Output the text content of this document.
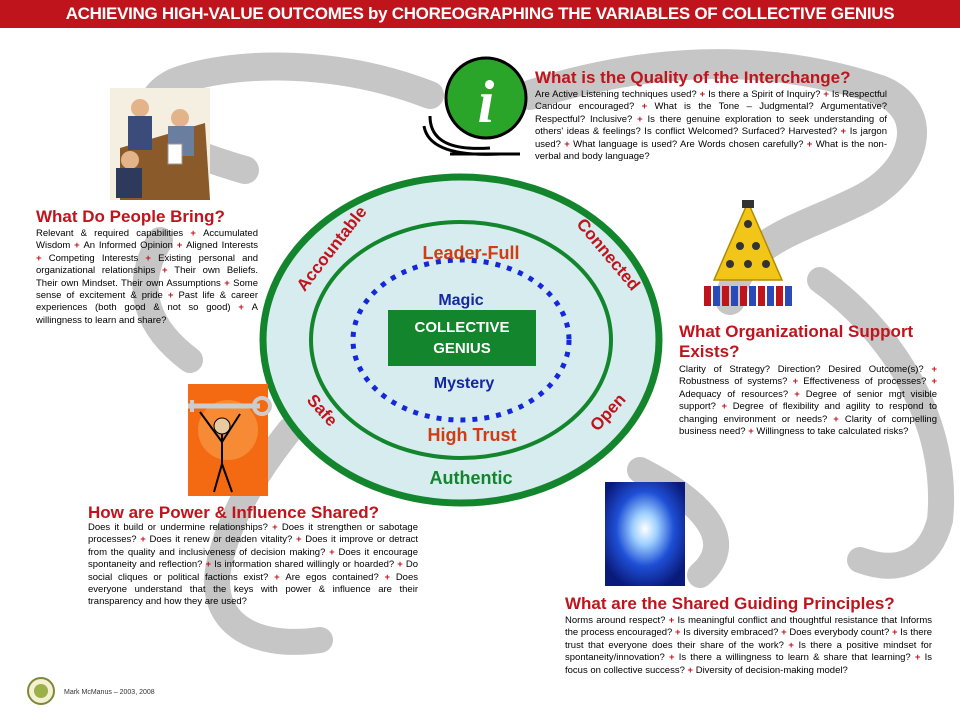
ACHIEVING HIGH-VALUE OUTCOMES by CHOREOGRAPHING THE VARIABLES OF COLLECTIVE GENIUS
Accountable	Connected
Safe	Open
Authentic
Leader-Full
High Trust
Magic
Mystery
COLLECTIVE
GENIUS
i What is the Quality of the Interchange?
Are Active Listening techniques used? + Is there a Spirit of Inquiry? + Is Respectful Candour encouraged? + What is the Tone – Judgmental? Argumentative? Respectful? Inclusive? + Is there genuine exploration to seek understanding of others' ideas & feelings? Is conflict Welcomed? Surfaced? Harvested? + Is jargon used? + What language is used? Are Words chosen carefully? + What is the non-verbal and body language?
What Do People Bring?
Relevant & required capabilities + Accumulated Wisdom + An Informed Opinion + Aligned Interests + Competing Interests + Existing personal and organizational relationships + Their own Beliefs. Their own Mindset. Their own Assumptions + Some sense of excitement & pride + Past life & career experiences (both good & not so good) + A willingness to learn and share?
What Organizational Support
Exists?
Clarity of Strategy? Direction? Desired Outcome(s)? + Robustness of systems? + Effectiveness of processes? + Adequacy of resources? + Degree of senior mgt visible support? + Degree of flexibility and agility to respond to changing environment or needs? + Clarity of compelling business need? + Willingness to take calculated risks?
How are Power & Influence Shared?
Does it build or undermine relationships? + Does it strengthen or sabotage processes? + Does it renew or deaden vitality? + Does it improve or detract from the quality and inclusiveness of decision making? + Does it encourage spontaneity and reflection? + Is information shared willingly or hoarded? + Do social cliques or political factions exist? + Are egos contained? + Does everyone understand that the keys with power & influence are their transparency and how they are used?	What are the Shared Guiding Principles?
Norms around respect? + Is meaningful conflict and thoughtful resistance that Informs the process encouraged? + Is diversity embraced? + Does everybody count? + Is there trust that everyone does their share of the work? + Is there a positive mindset for spontaneity/innovation? + Is there a willingness to learn & share that learning? + Is focus on collective success? + Diversity of decision-making model?
Mark McManus – 2003, 2008
